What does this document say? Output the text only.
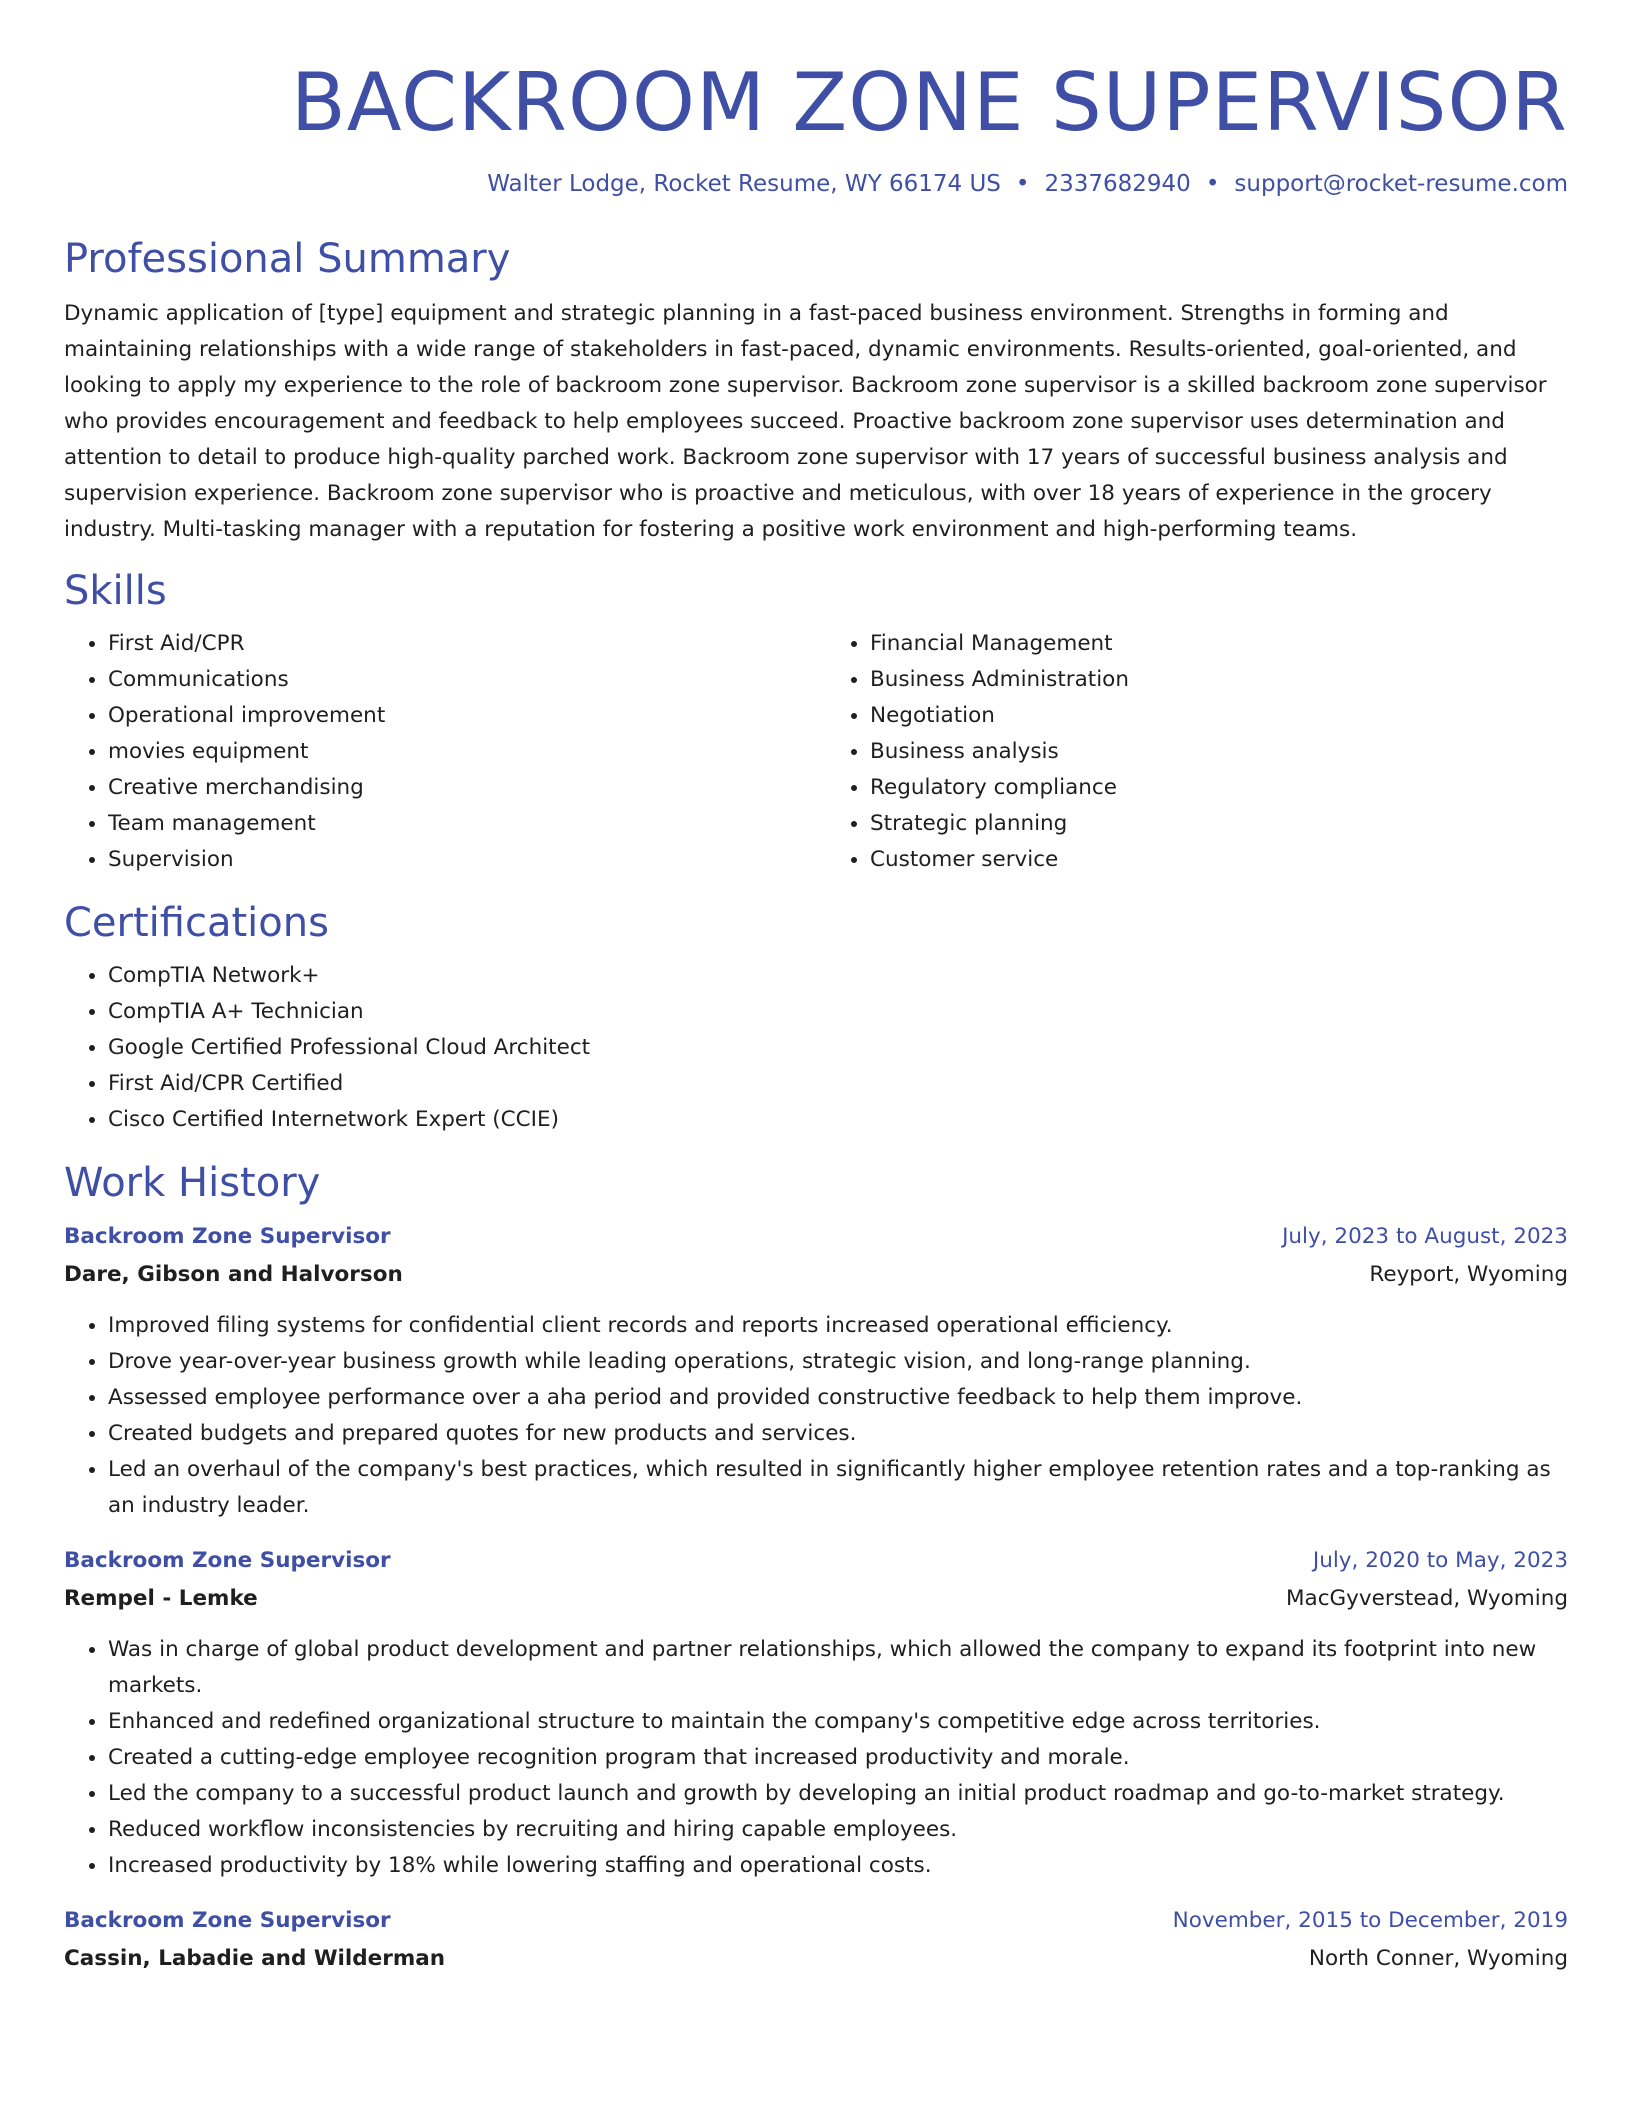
BACKROOM ZONE SUPERVISOR
Walter Lodge, Rocket Resume, WY 66174 US • 2337682940 • support@rocket-resume.com
Professional Summary

Dynamic application of [type] equipment and strategic planning in a fast-paced business environment. Strengths in forming and maintaining relationships with a wide range of stakeholders in fast-paced, dynamic environments. Results-oriented, goal-oriented, and looking to apply my experience to the role of backroom zone supervisor. Backroom zone supervisor is a skilled backroom zone supervisor who provides encouragement and feedback to help employees succeed. Proactive backroom zone supervisor uses determination and attention to detail to produce high-quality parched work. Backroom zone supervisor with 17 years of successful business analysis and supervision experience. Backroom zone supervisor who is proactive and meticulous, with over 18 years of experience in the grocery industry. Multi-tasking manager with a reputation for fostering a positive work environment and high-performing teams.

Skills
• First Aid/CPR
• Communications
• Operational improvement
• movies equipment
• Creative merchandising
• Team management
• Supervision
• Financial Management
• Business Administration
• Negotiation
• Business analysis
• Regulatory compliance
• Strategic planning
• Customer service
Certifications
• CompTIA Network+
• CompTIA A+ Technician
• Google Certified Professional Cloud Architect
• First Aid/CPR Certified
• Cisco Certified Internetwork Expert (CCIE)
Work History
Backroom Zone Supervisor	July, 2023 to August, 2023
Dare, Gibson and Halvorson	Reyport, Wyoming
• Improved filing systems for confidential client records and reports increased operational efficiency.
• Drove year-over-year business growth while leading operations, strategic vision, and long-range planning.
• Assessed employee performance over a aha period and provided constructive feedback to help them improve.
• Created budgets and prepared quotes for new products and services.
• Led an overhaul of the company's best practices, which resulted in significantly higher employee retention rates and a top-ranking as an industry leader.
Backroom Zone Supervisor	July, 2020 to May, 2023
Rempel - Lemke	MacGyverstead, Wyoming
• Was in charge of global product development and partner relationships, which allowed the company to expand its footprint into new markets.
• Enhanced and redefined organizational structure to maintain the company's competitive edge across territories.
• Created a cutting-edge employee recognition program that increased productivity and morale.
• Led the company to a successful product launch and growth by developing an initial product roadmap and go-to-market strategy.
• Reduced workflow inconsistencies by recruiting and hiring capable employees.
• Increased productivity by 18% while lowering staffing and operational costs.
Backroom Zone Supervisor	November, 2015 to December, 2019
Cassin, Labadie and Wilderman	North Conner, Wyoming
